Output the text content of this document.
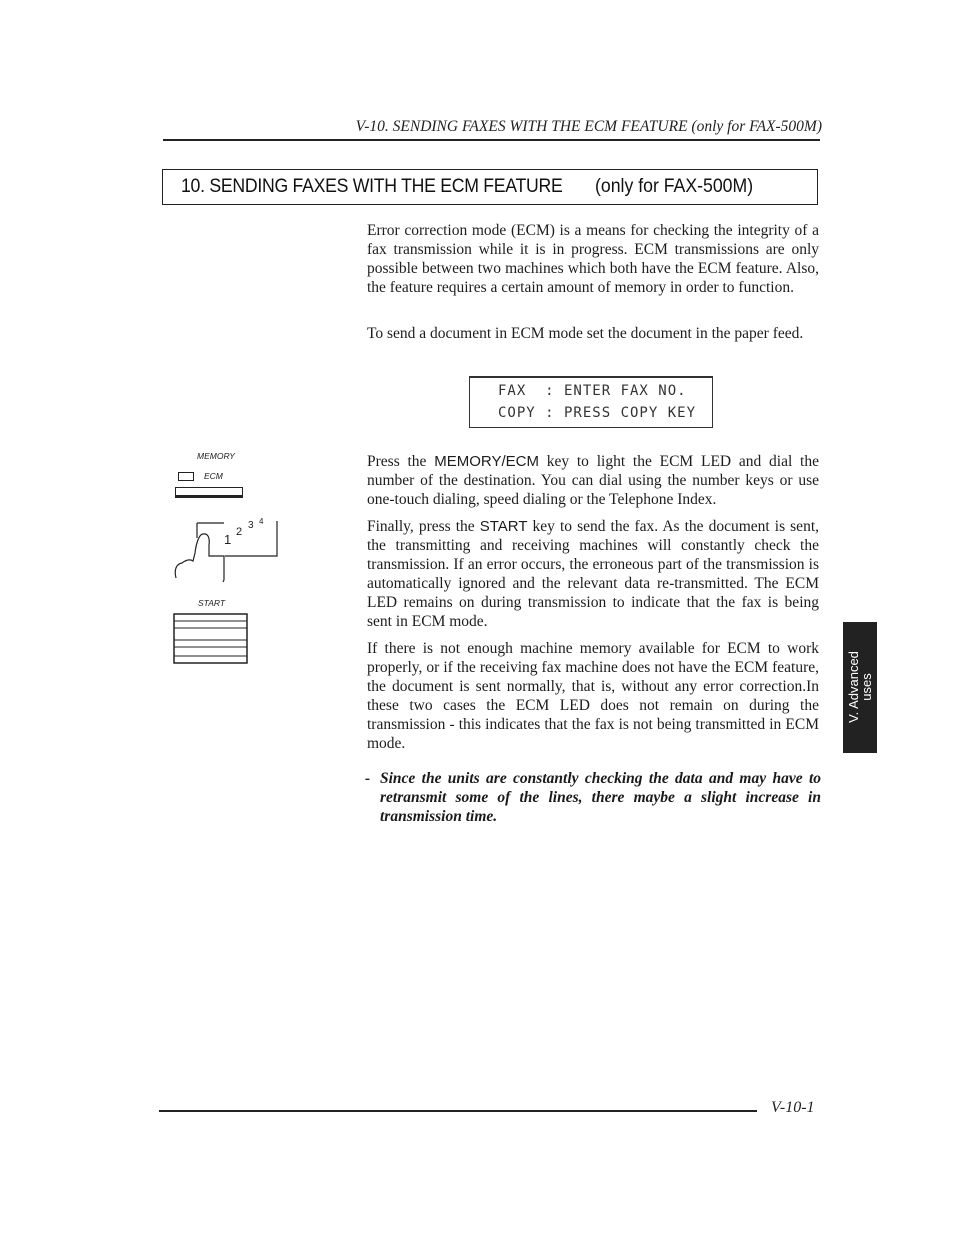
V-10. SENDING FAXES WITH THE ECM FEATURE (only for FAX-500M)
10. SENDING FAXES WITH THE ECM FEATURE (only for FAX-500M)
Error correction mode (ECM) is a means for checking the integrity of a fax transmission while it is in progress. ECM transmissions are only possible between two machines which both have the ECM feature. Also, the feature requires a certain amount of memory in order to function.
To send a document in ECM mode set the document in the paper feed.
FAX  : ENTER FAX NO.
COPY : PRESS COPY KEY
Press the MEMORY/ECM key to light the ECM LED and dial the number of the destination. You can dial using the number keys or use one-touch dialing, speed dialing or the Telephone Index.
Finally, press the START key to send the fax. As the document is sent, the transmitting and receiving machines will constantly check the transmission. If an error occurs, the erroneous part of the transmission is automatically ignored and the relevant data re-transmitted. The ECM LED remains on during transmission to indicate that the fax is being sent in ECM mode.
If there is not enough machine memory available for ECM to work properly, or if the receiving fax machine does not have the ECM feature, the document is sent normally, that is, without any error correction.In these two cases the ECM LED does not remain on during the transmission - this indicates that the fax is not being transmitted in ECM mode.
- Since the units are constantly checking the data and may have to retransmit some of the lines, there maybe a slight increase in transmission time.
MEMORY
ECM
1 2
3 4
START
V. Advanced
uses
V-10-1
